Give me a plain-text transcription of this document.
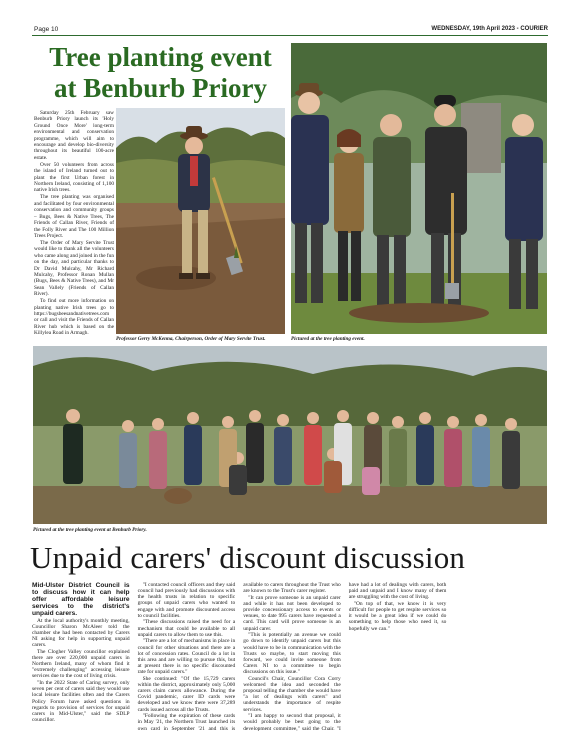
Page 10	WEDNESDAY, 19th April 2023 - COURIER
Tree planting event
at Benburb Priory

Saturday 25th February saw Benburb Priory launch its 'Holy Ground Once More' long-term environmental and conservation programme, which will aim to encourage and develop bio-diversity throughout its beautiful 100-acre estate.

Over 50 volunteers from across the island of Ireland turned out to plant the first Urban forest in Northern Ireland, consisting of 1,100 native Irish trees.

The tree planting was organised and facilitated by four environmental conservation and community groups – Bugs, Bees & Native Trees, The Friends of Callan River, Friends of the Folly River and The 100 Million Trees Project.

The Order of Mary Servite Trust would like to thank all the volunteers who came along and joined in the fun on the day, and particular thanks to Dr David Mulcahy, Mr Richard Mulcahy, Professor Ronan Mullan (Bugs, Bees & Native Trees), and Mr Sean Vallely (Friends of Callan River).

To find out more information on planting native Irish trees go to https://bugsbeesandnativetrees.com or call and visit the Friends of Callan River hub which is based on the Killylea Road in Armagh.

Professor Gerry McKenna, Chairperson, Order of Mary Servite Trust.	Pictured at the tree planting event.
Pictured at the tree planting event at Benburb Priory.
Unpaid carers' discount discussion

Mid-Ulster District Council is to discuss how it can help offer affordable leisure services to the district's unpaid carers.

At the local authority's monthly meeting, Councillor Sharon McAleer told the chamber she had been contacted by Carers NI asking for help in supporting unpaid carers.

The Clogher Valley councillor explained there are over 220,000 unpaid carers in Northern Ireland, many of whom find it "extremely challenging" accessing leisure services due to the cost of living crisis.

"In the 2022 State of Caring survey, only seven per cent of carers said they would use local leisure facilities often and the Carers Policy Forum have asked questions in regards to provision of services for unpaid carers in Mid-Ulster," said the SDLP councillor.

"I contacted council officers and they said council had previously had discussions with the health trusts in relation to specific groups of unpaid carers who wanted to engage with and promote discounted access to council facilities.

"These discussions raised the need for a mechanism that could be available to all unpaid carers to allow them to use this.

"There are a lot of mechanisms in place in council for other situations and there are a lot of concession rates. Council do a lot in this area and are willing to pursue this, but at present there is no specific discounted rate for unpaid carers."

She continued: "Of the 15,729 carers within the district, approximately only 5,000 carers claim carers allowance. During the Covid pandemic, carer ID cards were developed and we know there were 37,289 cards issued across all the Trusts.

"Following the expiration of these cards in May '21, the Northern Trust launched its own card in September '21 and this is available to carers throughout the Trust who are known to the Trust's carer register.

"It can prove someone is an unpaid carer and while it has not been developed to provide concessionary access to events or venues, to date 995 carers have requested a card. This card will prove someone is an unpaid carer.

"This is potentially an avenue we could go down to identify unpaid carers but this would have to be in communication with the Trusts so maybe, to start moving this forward, we could invite someone from Carers NI to a committee to begin discussions on this issue."

Council's Chair, Councillor Cora Corry welcomed the idea and seconded the proposal telling the chamber she would have "a lot of dealings with carers" and understands the importance of respite services.

"I am happy to second that proposal, it would probably be best going to the development committee," said the Chair. "I have had a lot of dealings with carers, both paid and unpaid and I know many of them are struggling with the cost of living.

"On top of that, we know it is very difficult for people to get respite services so it would be a great idea if we could do something to help those who need it, so hopefully we can."
